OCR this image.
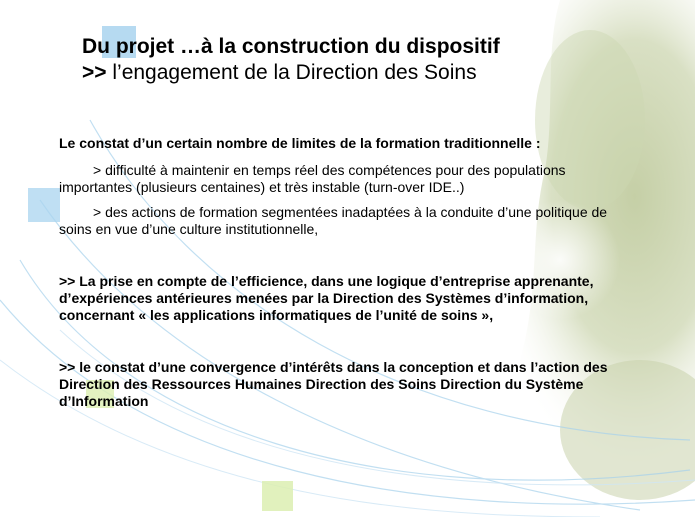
Du projet …à la construction du dispositif
>> l’engagement de la Direction des Soins

Le constat d’un certain nombre de limites de la formation traditionnelle :

> difficulté à maintenir en temps réel des compétences pour des populations importantes (plusieurs centaines) et très instable (turn-over IDE..)

> des actions de formation segmentées inadaptées à la conduite d’une politique de soins en vue d’une culture institutionnelle,

>> La prise en compte de l’efficience, dans une logique d’entreprise apprenante, d’expériences antérieures menées par la Direction des Systèmes d’information, concernant « les applications informatiques de l’unité de soins »,

>> le constat d’une convergence d’intérêts dans la conception et dans l’action des Direction des Ressources Humaines Direction des Soins Direction du Système d’Information
